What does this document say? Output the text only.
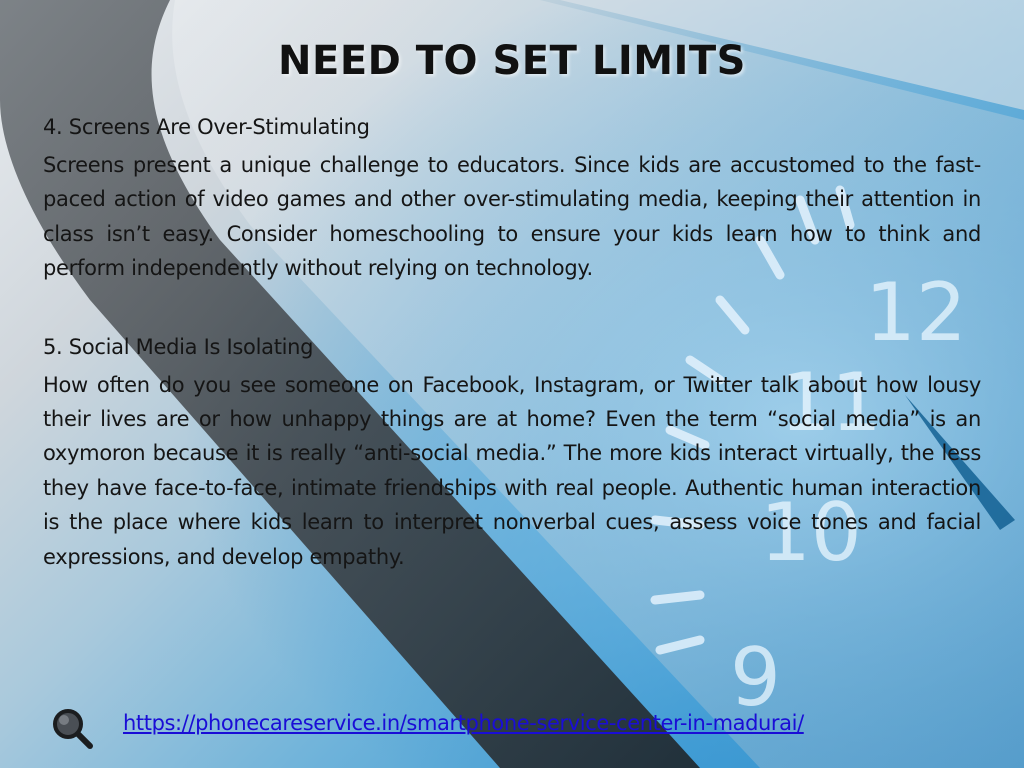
12
11
10
9
NEED TO SET LIMITS
4. Screens Are Over-Stimulating

Screens present a unique challenge to educators. Since kids are accustomed to the fast-paced action of video games and other over-stimulating media, keeping their attention in class isn’t easy. Consider homeschooling to ensure your kids learn how to think and perform independently without relying on technology.

5. Social Media Is Isolating

How often do you see someone on Facebook, Instagram, or Twitter talk about how lousy their lives are or how unhappy things are at home? Even the term “social media” is an oxymoron because it is really “anti-social media.” The more kids interact virtually, the less they have face-to-face, intimate friendships with real people. Authentic human interaction is the place where kids learn to interpret nonverbal cues, assess voice tones and facial expressions, and develop empathy.

https://phonecareservice.in/smartphone-service-center-in-madurai/
